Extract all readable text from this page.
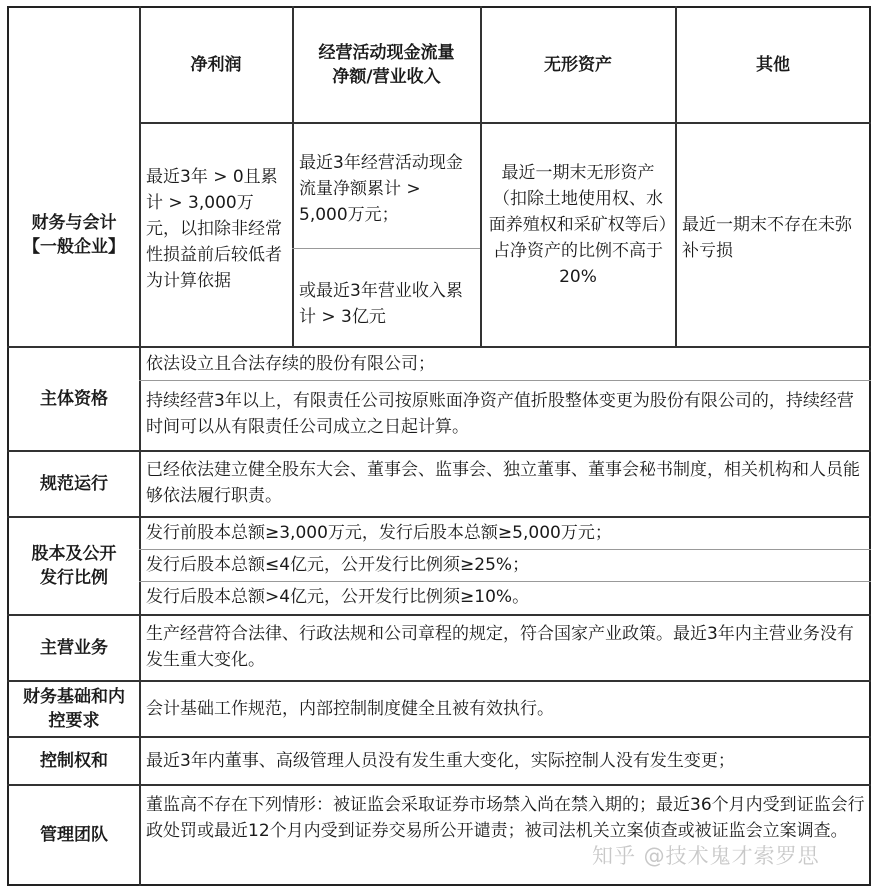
净利润
经营活动现金流量
净额/营业收入
无形资产	其他
财务与会计
【一般企业】
最近3年 > 0且累计 > 3,000万元，以扣除非经常性损益前后较低者为计算依据
最近3年经营活动现金流量净额累计 > 5,000万元；
或最近3年营业收入累计 > 3亿元
最近一期末无形资产（扣除土地使用权、水面养殖权和采矿权等后）占净资产的比例不高于20%
最近一期末不存在未弥补亏损
主体资格
依法设立且合法存续的股份有限公司；
持续经营3年以上，有限责任公司按原账面净资产值折股整体变更为股份有限公司的，持续经营时间可以从有限责任公司成立之日起计算。
规范运行
已经依法建立健全股东大会、董事会、监事会、独立董事、董事会秘书制度，相关机构和人员能够依法履行职责。
股本及公开
发行比例
发行前股本总额≥3,000万元，发行后股本总额≥5,000万元；
发行后股本总额≤4亿元，公开发行比例须≥25%；
发行后股本总额>4亿元，公开发行比例须≥10%。
主营业务
生产经营符合法律、行政法规和公司章程的规定，符合国家产业政策。最近3年内主营业务没有发生重大变化。
财务基础和内
控要求
会计基础工作规范，内部控制制度健全且被有效执行。
控制权和	最近3年内董事、高级管理人员没有发生重大变化，实际控制人没有发生变更；
管理团队
董监高不存在下列情形：被证监会采取证券市场禁入尚在禁入期的；最近36个月内受到证监会行政处罚或最近12个月内受到证券交易所公开谴责；被司法机关立案侦查或被证监会立案调查。
知乎 @技术鬼才索罗思
